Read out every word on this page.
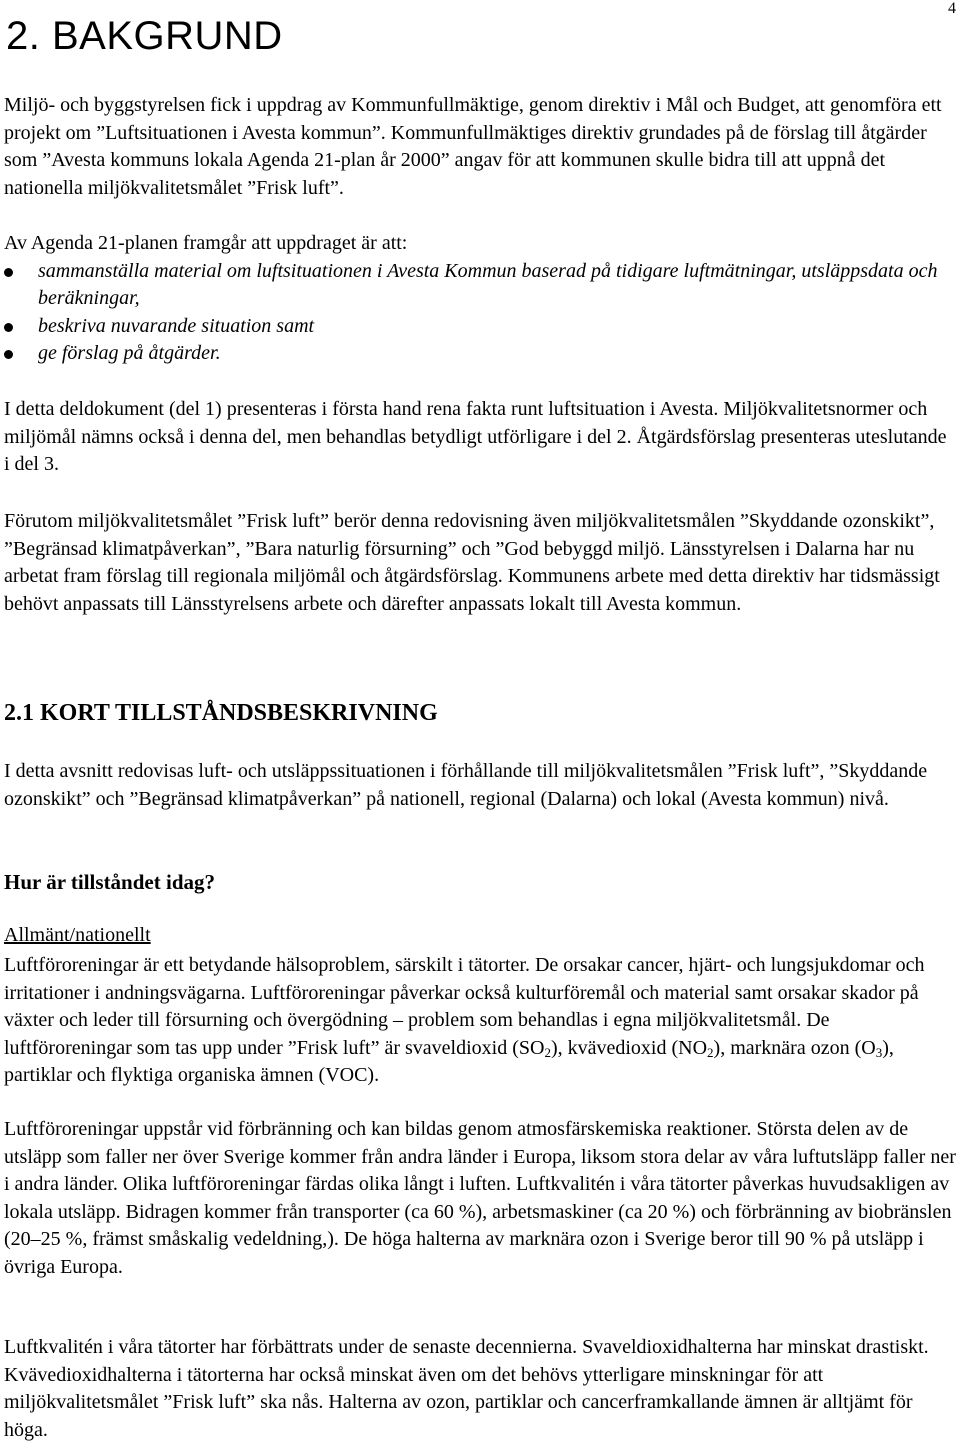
4
2. BAKGRUND

Miljö- och byggstyrelsen fick i uppdrag av Kommunfullmäktige, genom direktiv i Mål och Budget, att genomföra ett projekt om ”Luftsituationen i Avesta kommun”. Kommunfullmäktiges direktiv grundades på de förslag till åtgärder som ”Avesta kommuns lokala Agenda 21-plan år 2000” angav för att kommunen skulle bidra till att uppnå det nationella miljökvalitetsmålet ”Frisk luft”.

Av Agenda 21-planen framgår att uppdraget är att:

sammanställa material om luftsituationen i Avesta Kommun baserad på tidigare luftmätningar, utsläppsdata och beräkningar,
beskriva nuvarande situation samt
ge förslag på åtgärder.

I detta deldokument (del 1) presenteras i första hand rena fakta runt luftsituation i Avesta. Miljökvalitetsnormer och miljömål nämns också i denna del, men behandlas betydligt utförligare i del 2. Åtgärdsförslag presenteras uteslutande i del 3.

Förutom miljökvalitetsmålet ”Frisk luft” berör denna redovisning även miljökvalitetsmålen ”Skyddande ozonskikt”, ”Begränsad klimatpåverkan”, ”Bara naturlig försurning” och ”God bebyggd miljö. Länsstyrelsen i Dalarna har nu arbetat fram förslag till regionala miljömål och åtgärdsförslag. Kommunens arbete med detta direktiv har tidsmässigt behövt anpassats till Länsstyrelsens arbete och därefter anpassats lokalt till Avesta kommun.

2.1 KORT TILLSTÅNDSBESKRIVNING

I detta avsnitt redovisas luft- och utsläppssituationen i förhållande till miljökvalitetsmålen ”Frisk luft”, ”Skyddande ozonskikt” och ”Begränsad klimatpåverkan” på nationell, regional (Dalarna) och lokal (Avesta kommun) nivå.

Hur är tillståndet idag?
Allmänt/nationellt

Luftföroreningar är ett betydande hälsoproblem, särskilt i tätorter. De orsakar cancer, hjärt- och lungsjukdomar och irritationer i andningsvägarna. Luftföroreningar påverkar också kulturföremål och material samt orsakar skador på växter och leder till försurning och övergödning – problem som behandlas i egna miljökvalitetsmål. De luftföroreningar som tas upp under ”Frisk luft” är svaveldioxid $(SO_2)$, kvävedioxid $(NO_2)$, marknära ozon $(O_3)$, partiklar och flyktiga organiska ämnen (VOC).

Luftföroreningar uppstår vid förbränning och kan bildas genom atmosfärskemiska reaktioner. Största delen av de utsläpp som faller ner över Sverige kommer från andra länder i Europa, liksom stora delar av våra luftutsläpp faller ner i andra länder. Olika luftföroreningar färdas olika långt i luften. Luftkvalitén i våra tätorter påverkas huvudsakligen av lokala utsläpp. Bidragen kommer från transporter (ca 60 %), arbetsmaskiner (ca 20 %) och förbränning av biobränslen (20–25 %, främst småskalig vedeldning,). De höga halterna av marknära ozon i Sverige beror till 90 % på utsläpp i övriga Europa.

Luftkvalitén i våra tätorter har förbättrats under de senaste decennierna. Svaveldioxidhalterna har minskat drastiskt. Kvävedioxidhalterna i tätorterna har också minskat även om det behövs ytterligare minskningar för att miljökvalitetsmålet ”Frisk luft” ska nås. Halterna av ozon, partiklar och cancerframkallande ämnen är alltjämt för höga.
